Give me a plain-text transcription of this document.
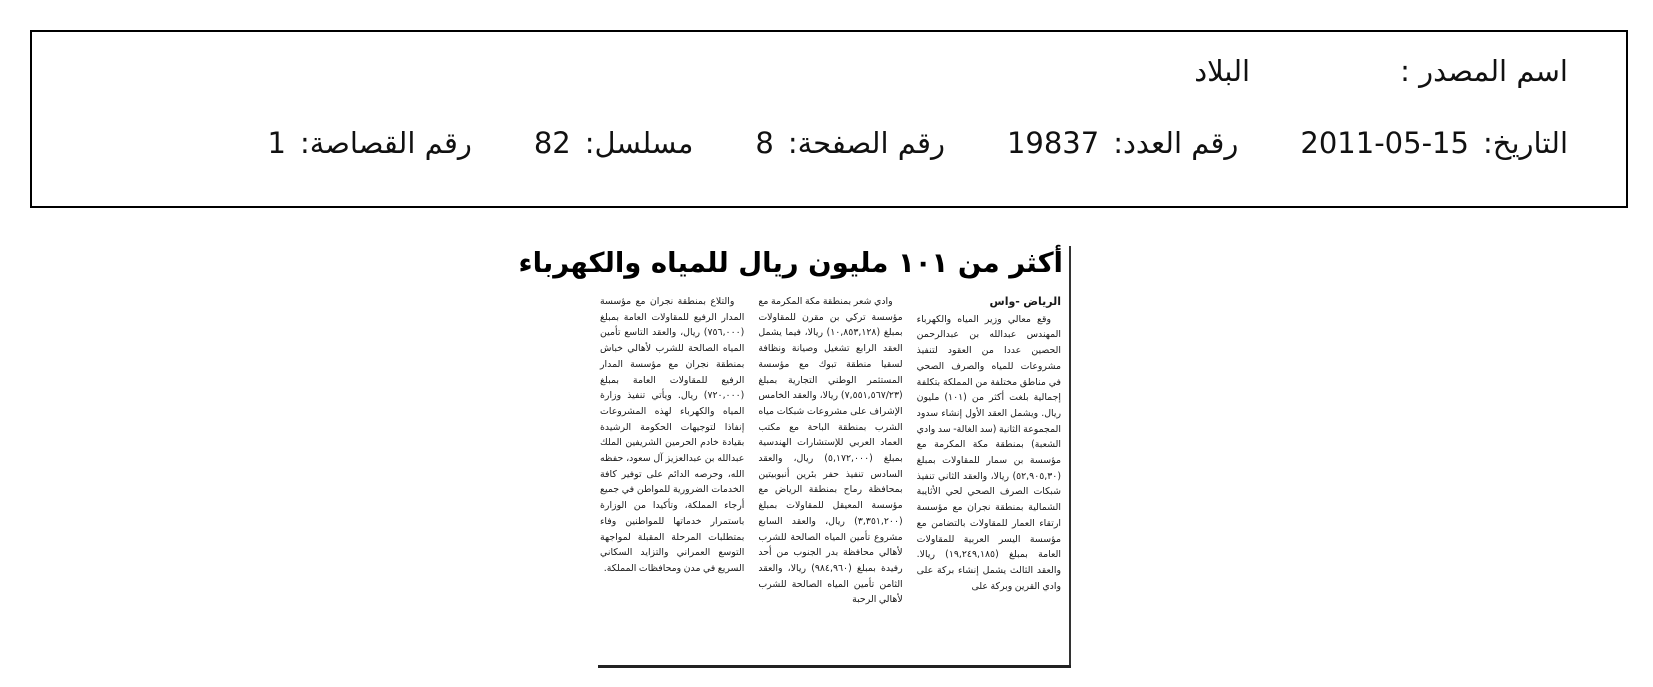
اسم المصدر :
البلاد
التاريخ:
2011-05-15
رقم العدد:
19837
رقم الصفحة:
8
مسلسل:
82
رقم القصاصة:
1
أكثر من ١٠١ مليون ريال للمياه والكهرباء
الرياض -واس

وقع معالي وزير المياه والكهرباء المهندس عبدالله بن عبدالرحمن الحصين عددا من العقود لتنفيذ مشروعات للمياه والصرف الصحي في مناطق مختلفة من المملكة بتكلفة إجمالية بلغت أكثر من (١٠١) مليون ريال. ويشمل العقد الأول إنشاء سدود المجموعة الثانية (سد الغالة- سد وادي الشعبة) بمنطقة مكة المكرمة مع مؤسسة بن سمار للمقاولات بمبلغ (٥٢,٩٠٥,٣٠) ريالا، والعقد الثاني تنفيذ شبكات الصرف الصحي لحي الأثايبة الشمالية بمنطقة نجران مع مؤسسة ارتقاء العمار للمقاولات بالتضامن مع مؤسسة اليسر العربية للمقاولات العامة بمبلغ (١٩,٢٤٩,١٨٥) ريالا. والعقد الثالث يشمل إنشاء بركة على وادي القرين وبركة على

وادي شعر بمنطقة مكة المكرمة مع مؤسسة تركي بن مقرن للمقاولات بمبلغ (١٠,٨٥٣,١٢٨) ريالا، فيما يشمل العقد الرابع تشغيل وصيانة ونظافة لسقيا منطقة تبوك مع مؤسسة المستثمر الوطني التجارية بمبلغ (٧,٥٥١,٥٦٧/٢٣) ريالا، والعقد الخامس الإشراف على مشروعات شبكات مياه الشرب بمنطقة الباحة مع مكتب العماد العربي للإستشارات الهندسية بمبلغ (٥,١٧٢,٠٠٠) ريال، والعقد السادس تنفيذ حفر بئرين أنبوبيتين بمحافظة رماح بمنطقة الرياض مع مؤسسة المعيقل للمقاولات بمبلغ (٣,٣٥١,٢٠٠) ريال، والعقد السابع مشروع تأمين المياه الصالحة للشرب لأهالي محافظة بدر الجنوب من أحد رفيدة بمبلغ (٩٨٤,٩٦٠) ريالا، والعقد الثامن تأمين المياه الصالحة للشرب لأهالي الرحبة

والتلاع بمنطقة نجران مع مؤسسة المدار الرفيع للمقاولات العامة بمبلغ (٧٥٦,٠٠٠) ريال، والعقد التاسع تأمين المياه الصالحة للشرب لأهالي خباش بمنطقة نجران مع مؤسسة المدار الرفيع للمقاولات العامة بمبلغ (٧٢٠,٠٠٠) ريال. ويأتي تنفيذ وزارة المياه والكهرباء لهذه المشروعات إنفاذا لتوجيهات الحكومة الرشيدة بقيادة خادم الحرمين الشريفين الملك عبدالله بن عبدالعزيز آل سعود، حفظه الله، وحرصه الدائم على توفير كافة الخدمات الضرورية للمواطن في جميع أرجاء المملكة، وتأكيدا من الوزارة باستمرار خدماتها للمواطنين وفاء بمتطلبات المرحلة المقبلة لمواجهة التوسع العمراني والتزايد السكاني السريع في مدن ومحافظات المملكة.
